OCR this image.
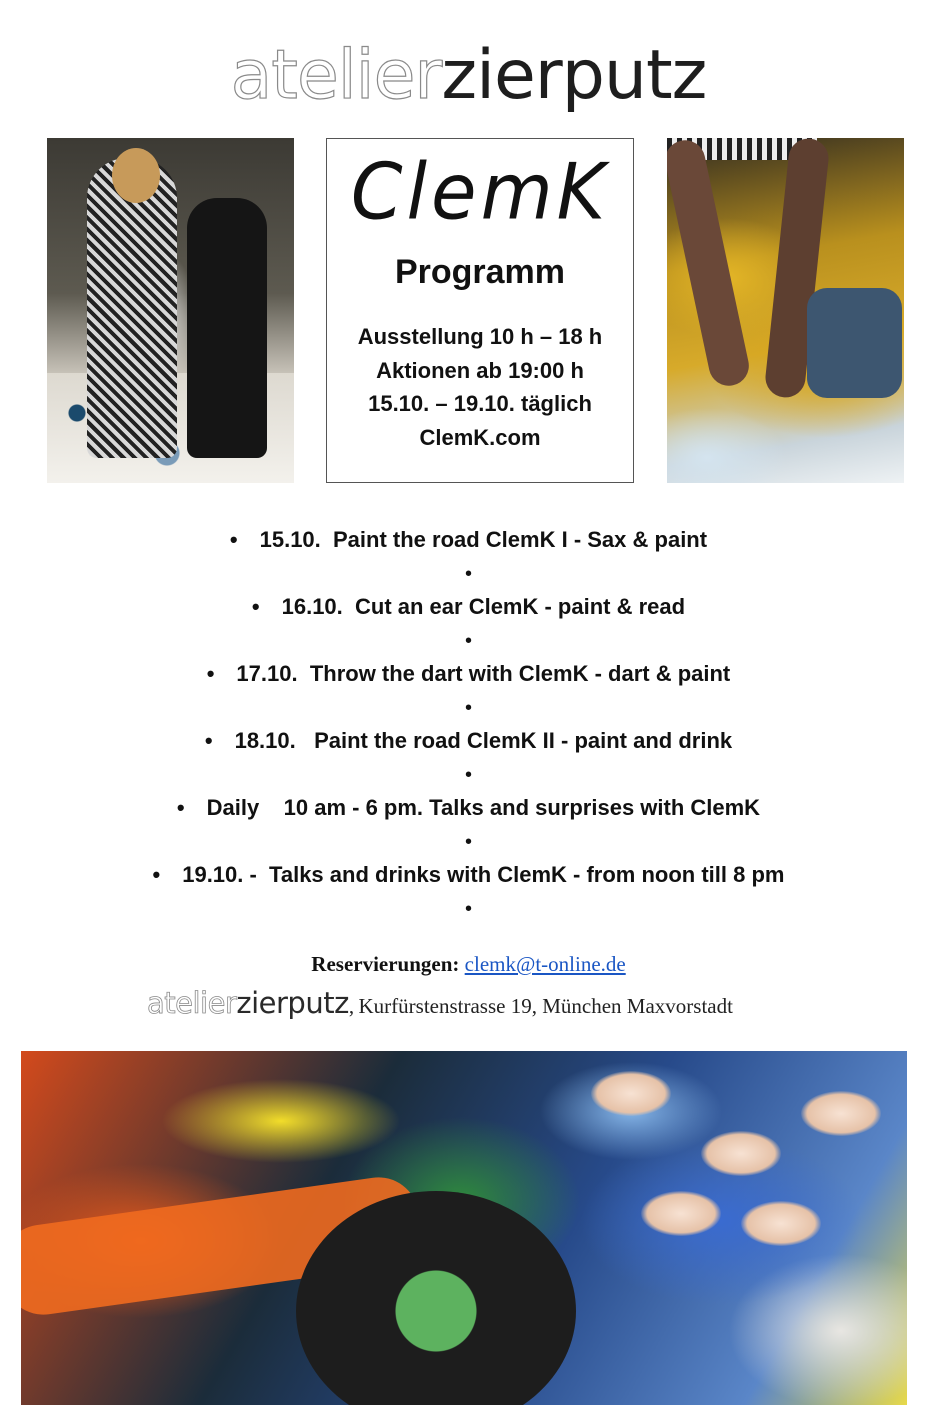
atelierzierputz
ClemK
Programm
Ausstellung 10 h – 18 h
Aktionen ab 19:00 h
15.10. – 19.10. täglich
ClemK.com
• 15.10.  Paint the road ClemK I - Sax & paint
•
• 16.10.  Cut an ear ClemK - paint & read
•
• 17.10.  Throw the dart with ClemK - dart & paint
•
• 18.10.   Paint the road ClemK II - paint and drink
•
• Daily    10 am - 6 pm. Talks and surprises with ClemK
•
• 19.10. -  Talks and drinks with ClemK - from noon till 8 pm
•
Reservierungen: clemk@t-online.de
atelierzierputz, Kurfürstenstrasse 19, München Maxvorstadt
